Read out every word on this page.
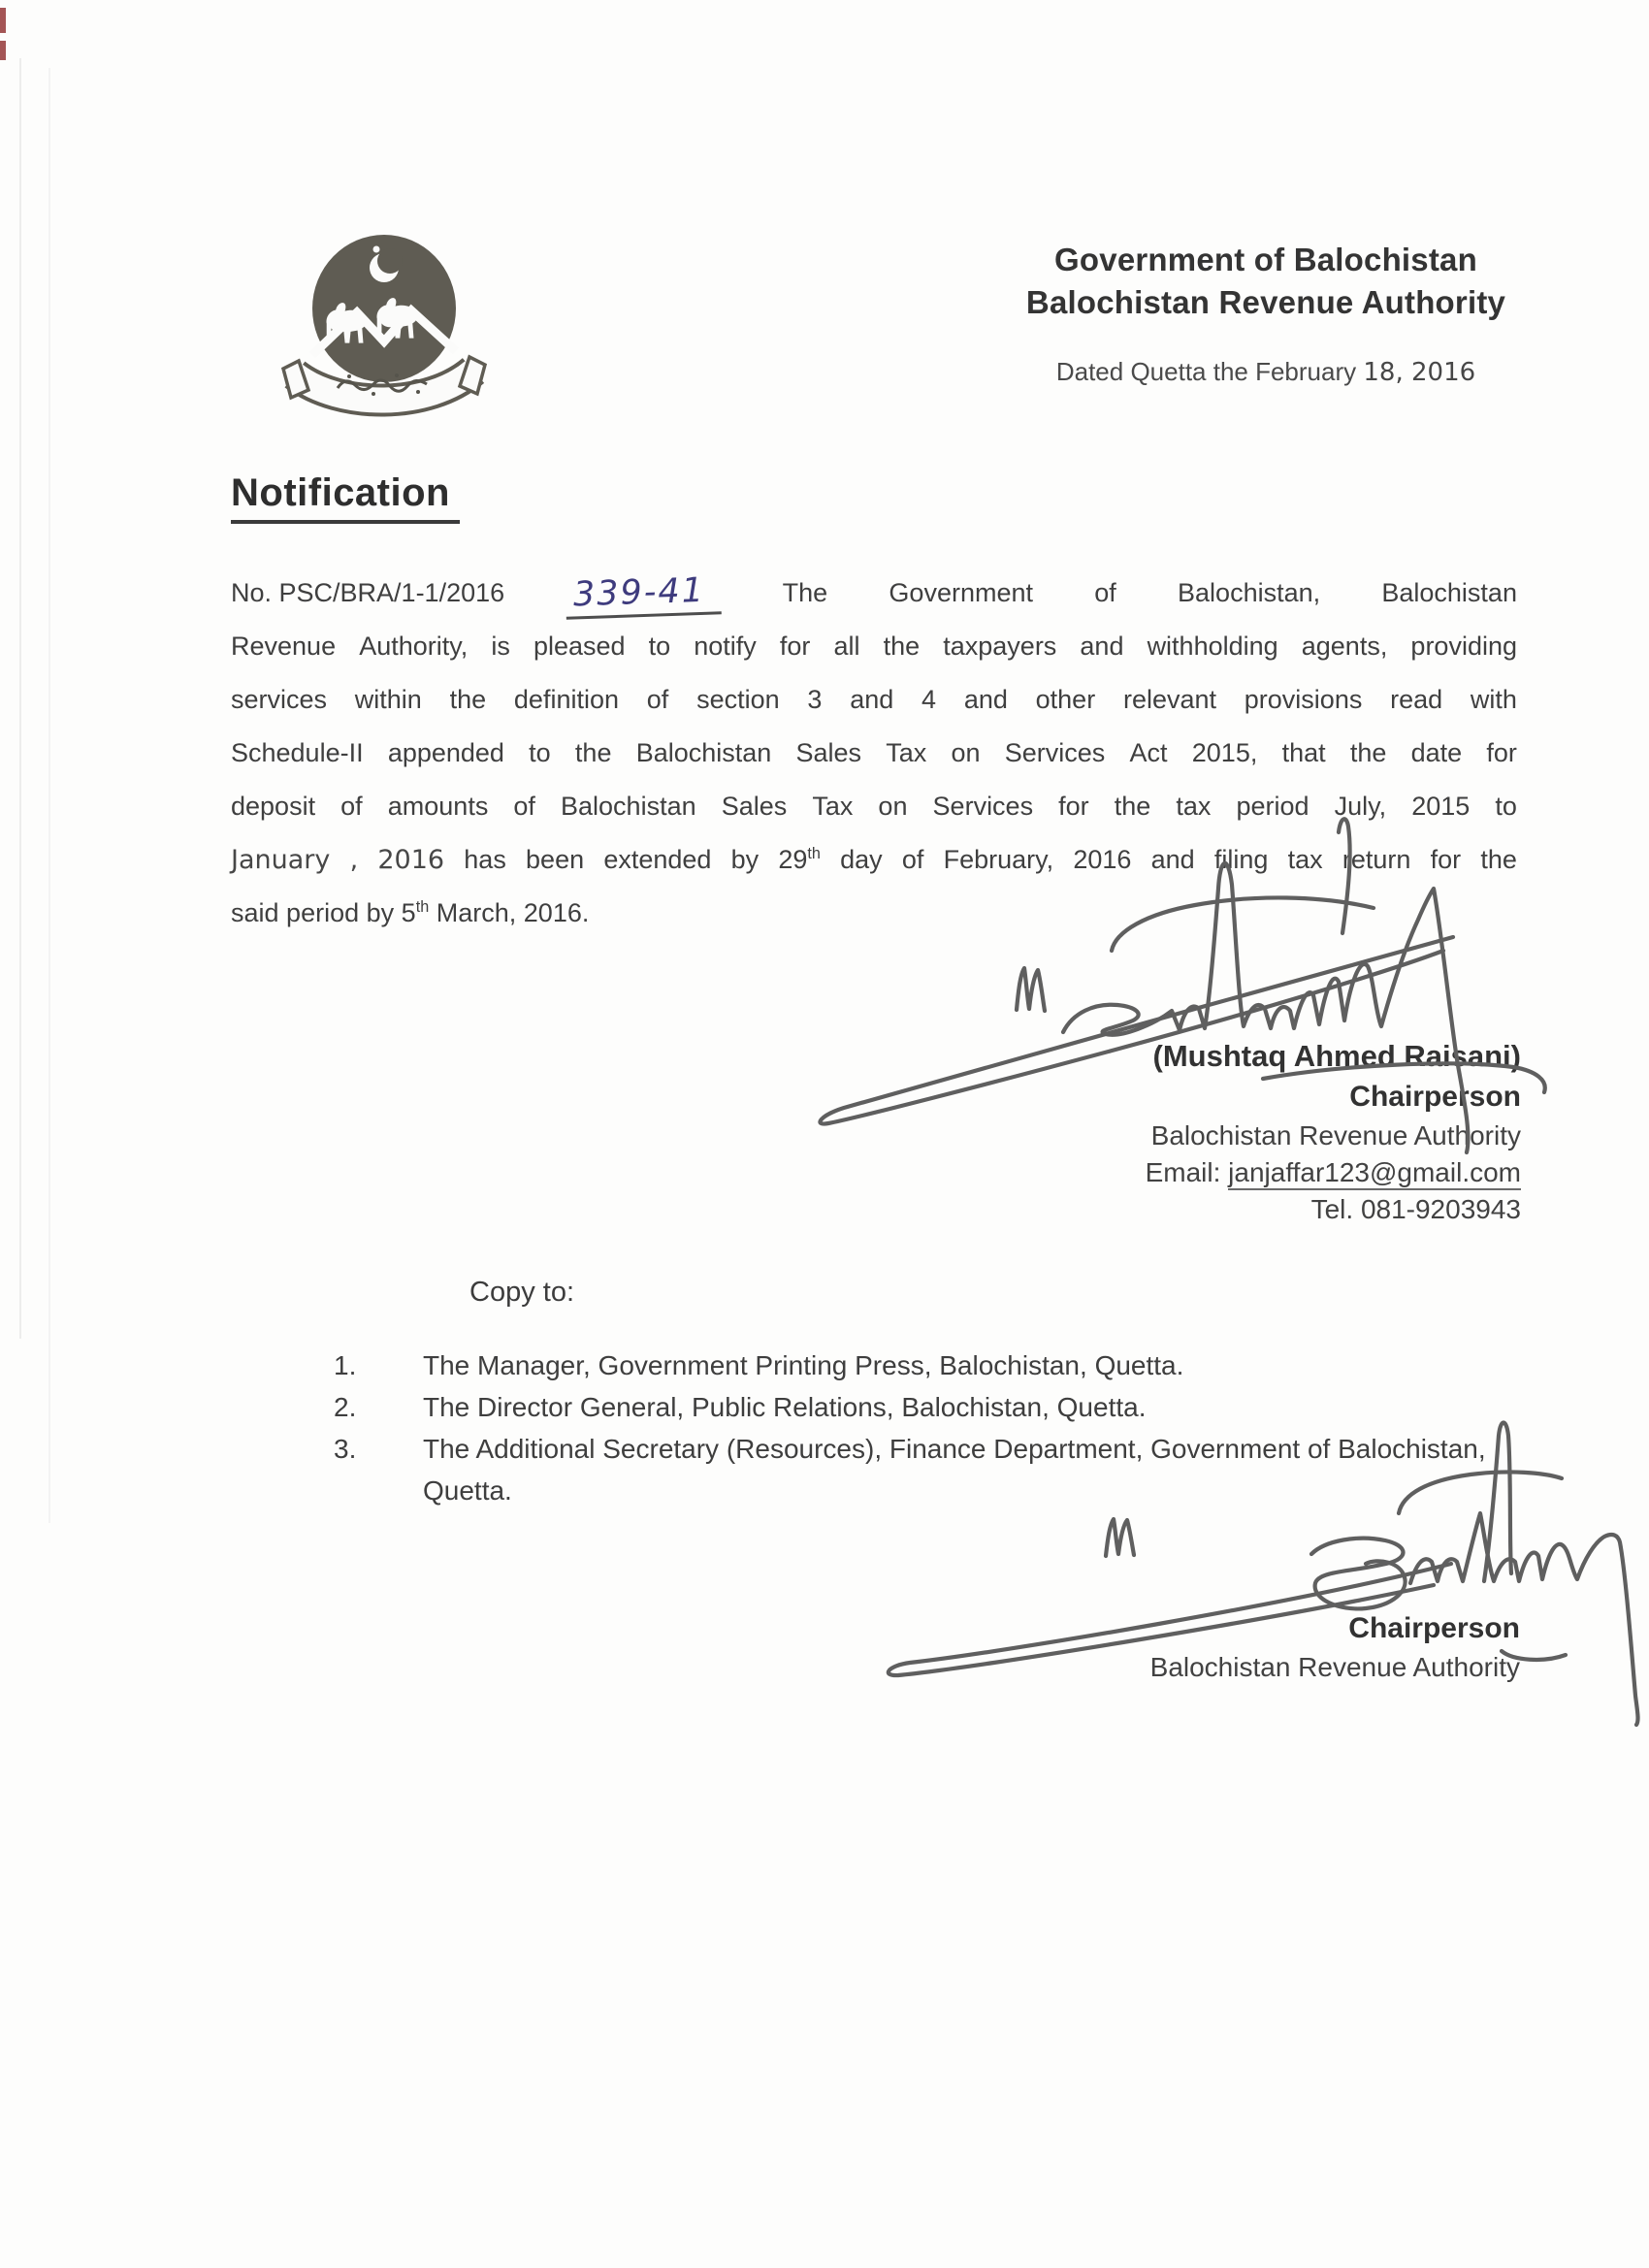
Government of Balochistan
Balochistan Revenue Authority
Dated Quetta the February 18, 2016
Notification
No. PSC/BRA/1-1/2016 339-41	The Government of Balochistan, Balochistan
Revenue Authority, is pleased to notify for all the taxpayers and withholding agents, providing
services within the definition of section 3 and 4 and other relevant provisions read with
Schedule-II appended to the Balochistan Sales Tax on Services Act 2015, that the date for
deposit of amounts of Balochistan Sales Tax on Services for the tax period July, 2015 to
January , 2016 has been extended by 29th day of February, 2016 and filing tax return for the
said period by 5th March, 2016.
(Mushtaq Ahmed Raisani)
Chairperson
Balochistan Revenue Authority
Email: janjaffar123@gmail.com
Tel. 081-9203943
Copy to:
1.	The Manager, Government Printing Press, Balochistan, Quetta.
2.	The Director General, Public Relations, Balochistan, Quetta.
3.	The Additional Secretary (Resources), Finance Department, Government of Balochistan, Quetta.
Chairperson
Balochistan Revenue Authority
